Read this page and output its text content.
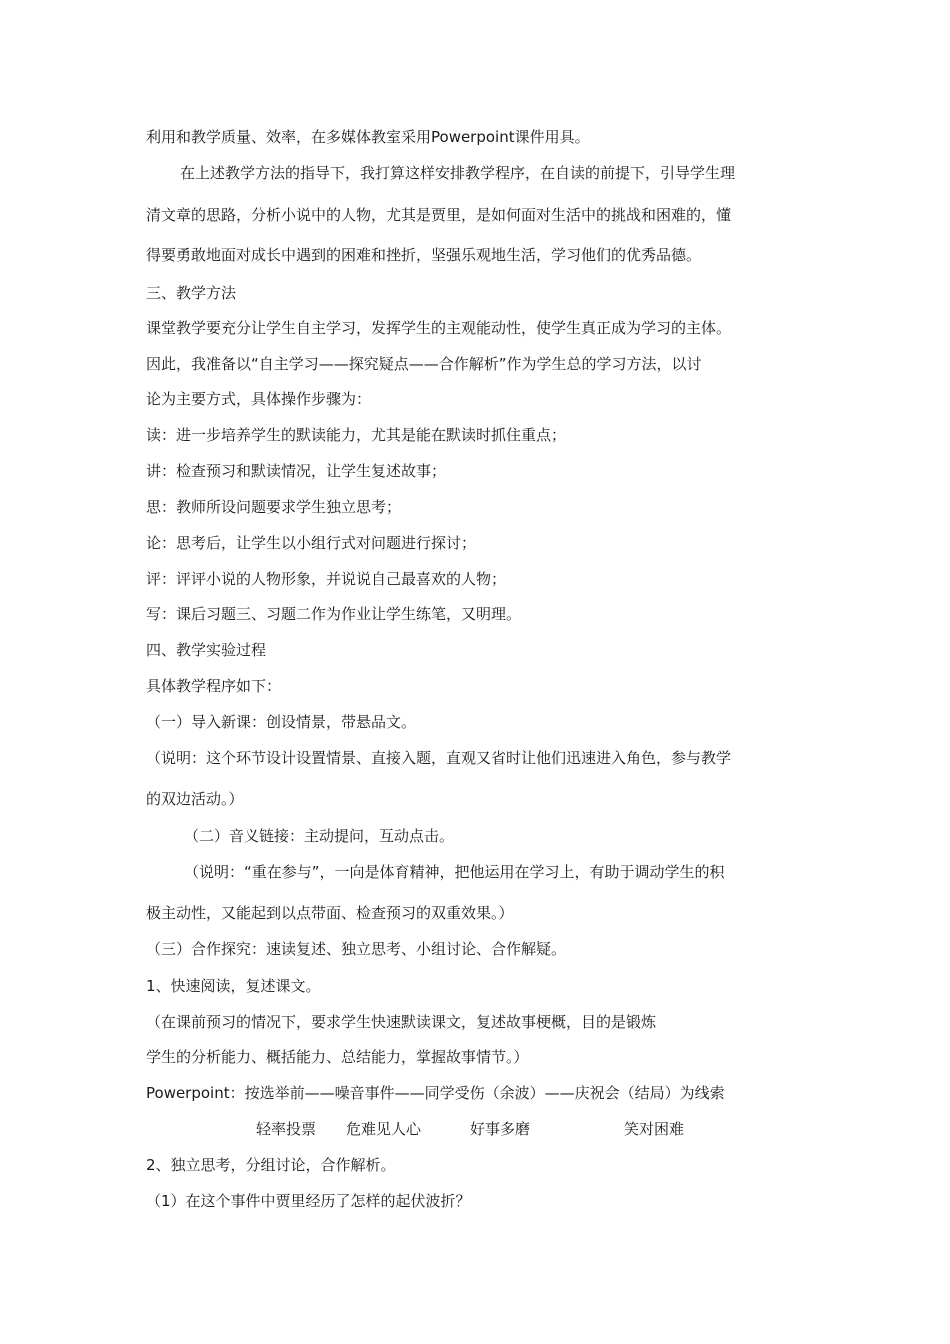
利用和教学质量、效率，在多媒体教室采用Powerpoint课件用具。
在上述教学方法的指导下，我打算这样安排教学程序，在自读的前提下，引导学生理
清文章的思路，分析小说中的人物，尤其是贾里，是如何面对生活中的挑战和困难的，懂
得要勇敢地面对成长中遇到的困难和挫折，坚强乐观地生活，学习他们的优秀品德。
三、教学方法
课堂教学要充分让学生自主学习，发挥学生的主观能动性，使学生真正成为学习的主体。
因此，我准备以“自主学习——探究疑点——合作解析”作为学生总的学习方法，以讨
论为主要方式，具体操作步骤为：
读：进一步培养学生的默读能力，尤其是能在默读时抓住重点；
讲：检查预习和默读情况，让学生复述故事；
思：教师所设问题要求学生独立思考；
论：思考后，让学生以小组行式对问题进行探讨；
评：评评小说的人物形象，并说说自己最喜欢的人物；
写：课后习题三、习题二作为作业让学生练笔，又明理。
四、教学实验过程
具体教学程序如下：
（一）导入新课：创设情景，带悬品文。
（说明：这个环节设计设置情景、直接入题，直观又省时让他们迅速进入角色，参与教学
的双边活动。）
（二）音义链接：主动提问，互动点击。
（说明：“重在参与”，一向是体育精神，把他运用在学习上，有助于调动学生的积
极主动性，又能起到以点带面、检查预习的双重效果。）
（三）合作探究：速读复述、独立思考、小组讨论、合作解疑。
1、快速阅读，复述课文。
（在课前预习的情况下，要求学生快速默读课文，复述故事梗概，目的是锻炼
学生的分析能力、概括能力、总结能力，掌握故事情节。）
Powerpoint：按选举前——噪音事件——同学受伤（余波）——庆祝会（结局）为线索
轻率投票 危难见人心	好事多磨	笑对困难
2、独立思考，分组讨论，合作解析。
（1）在这个事件中贾里经历了怎样的起伏波折？
